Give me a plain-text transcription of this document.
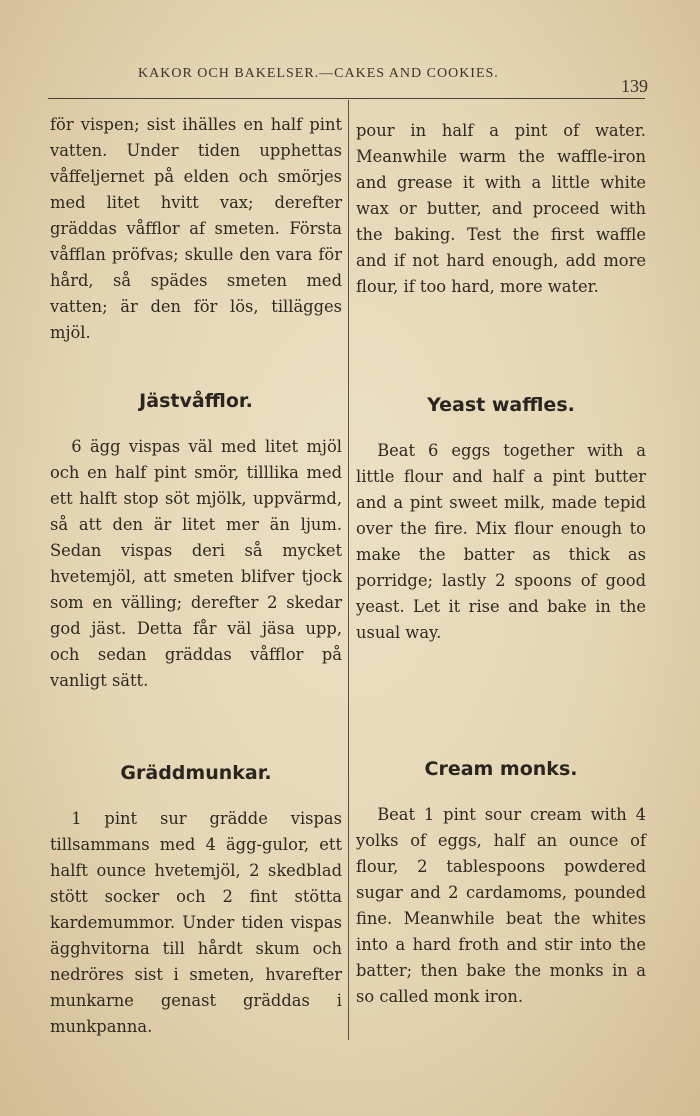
KAKOR OCH BAKELSER.—CAKES AND COOKIES.
139

för vispen; sist ihälles en half pint vatten. Under tiden upphettas våffeljernet på elden och smörjes med litet hvitt vax; derefter gräddas våfflor af smeten. Första våfflan pröfvas; skulle den vara för hård, så spädes smeten med vatten; är den för lös, tillägges mjöl.

Jästvåfflor.

6 ägg vispas väl med litet mjöl och en half pint smör, tilllika med ett halft stop söt mjölk, uppvärmd, så att den är litet mer än ljum. Sedan vispas deri så mycket hvetemjöl, att smeten blifver tjock som en välling; derefter 2 skedar god jäst. Detta får väl jäsa upp, och sedan gräddas våfflor på vanligt sätt.

Gräddmunkar.

1 pint sur grädde vispas tillsammans med 4 ägg-gulor, ett halft ounce hvetemjöl, 2 skedblad stött socker och 2 fint stötta kardemummor. Under tiden vispas ägghvitorna till hårdt skum och nedröres sist i smeten, hvarefter munkarne genast gräddas i munkpanna.

pour in half a pint of water. Meanwhile warm the waffle-iron and grease it with a little white wax or butter, and proceed with the baking. Test the first waffle and if not hard enough, add more flour, if too hard, more water.

Yeast waffles.

Beat 6 eggs together with a little flour and half a pint butter and a pint sweet milk, made tepid over the fire. Mix flour enough to make the batter as thick as porridge; lastly 2 spoons of good yeast. Let it rise and bake in the usual way.

Cream monks.

Beat 1 pint sour cream with 4 yolks of eggs, half an ounce of flour, 2 tablespoons powdered sugar and 2 cardamoms, pounded fine. Meanwhile beat the whites into a hard froth and stir into the batter; then bake the monks in a so called monk iron.
